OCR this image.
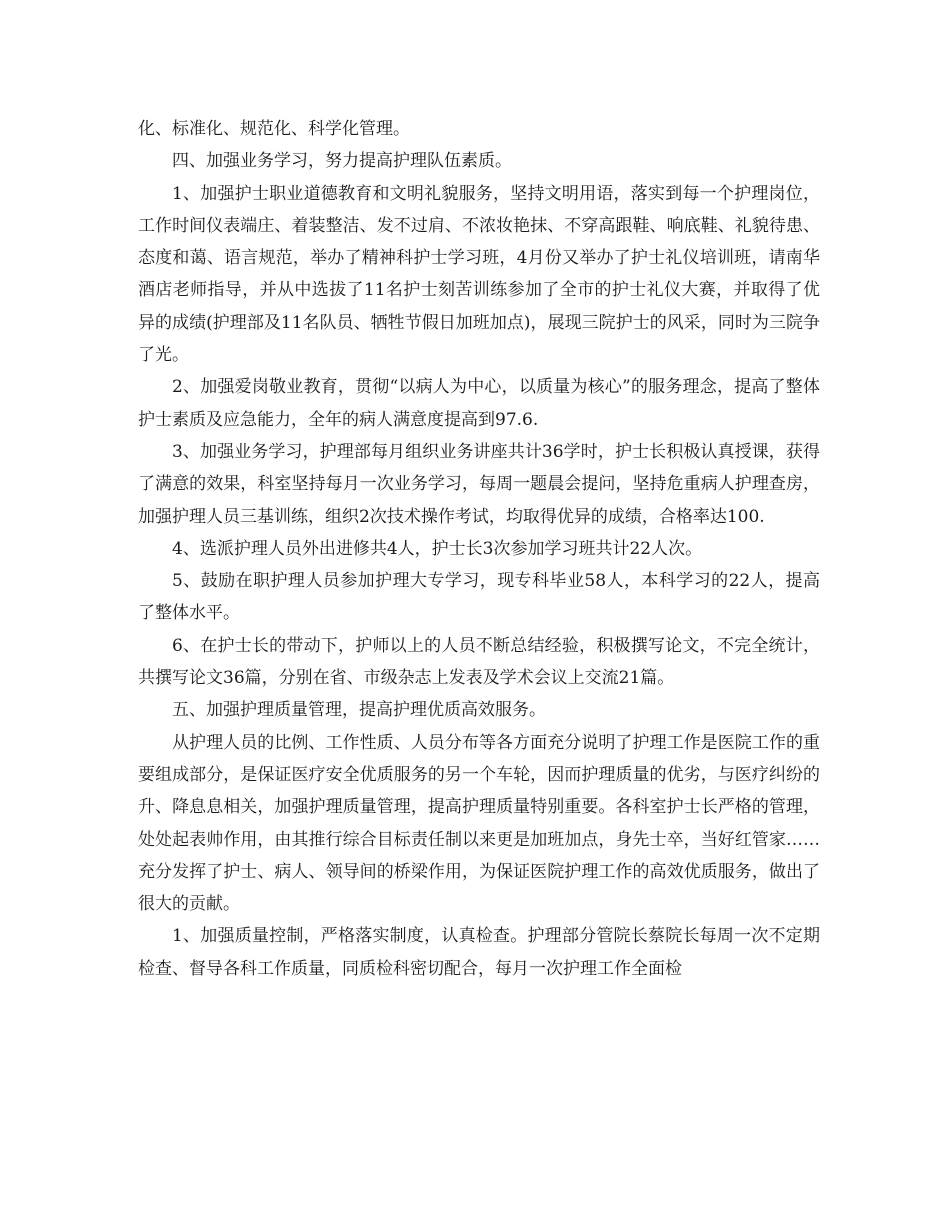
化、标准化、规范化、科学化管理。

四、加强业务学习，努力提高护理队伍素质。

1、加强护士职业道德教育和文明礼貌服务，坚持文明用语，落实到每一个护理岗位，工作时间仪表端庄、着装整洁、发不过肩、不浓妆艳抹、不穿高跟鞋、响底鞋、礼貌待患、态度和蔼、语言规范，举办了精神科护士学习班，4月份又举办了护士礼仪培训班，请南华酒店老师指导，并从中选拔了11名护士刻苦训练参加了全市的护士礼仪大赛，并取得了优异的成绩(护理部及11名队员、牺牲节假日加班加点)，展现三院护士的风采，同时为三院争了光。

2、加强爱岗敬业教育，贯彻“以病人为中心，以质量为核心”的服务理念，提高了整体护士素质及应急能力，全年的病人满意度提高到97.6.

3、加强业务学习，护理部每月组织业务讲座共计36学时，护士长积极认真授课，获得了满意的效果，科室坚持每月一次业务学习，每周一题晨会提问，坚持危重病人护理查房，加强护理人员三基训练，组织2次技术操作考试，均取得优异的成绩，合格率达100.

4、选派护理人员外出进修共4人，护士长3次参加学习班共计22人次。

5、鼓励在职护理人员参加护理大专学习，现专科毕业58人，本科学习的22人，提高了整体水平。

6、在护士长的带动下，护师以上的人员不断总结经验，积极撰写论文，不完全统计，共撰写论文36篇，分别在省、市级杂志上发表及学术会议上交流21篇。

五、加强护理质量管理，提高护理优质高效服务。

从护理人员的比例、工作性质、人员分布等各方面充分说明了护理工作是医院工作的重要组成部分，是保证医疗安全优质服务的另一个车轮，因而护理质量的优劣，与医疗纠纷的升、降息息相关，加强护理质量管理，提高护理质量特别重要。各科室护士长严格的管理，处处起表帅作用，由其推行综合目标责任制以来更是加班加点，身先士卒，当好红管家……充分发挥了护士、病人、领导间的桥梁作用，为保证医院护理工作的高效优质服务，做出了很大的贡献。

1、加强质量控制，严格落实制度，认真检查。护理部分管院长蔡院长每周一次不定期检查、督导各科工作质量，同质检科密切配合，每月一次护理工作全面检
